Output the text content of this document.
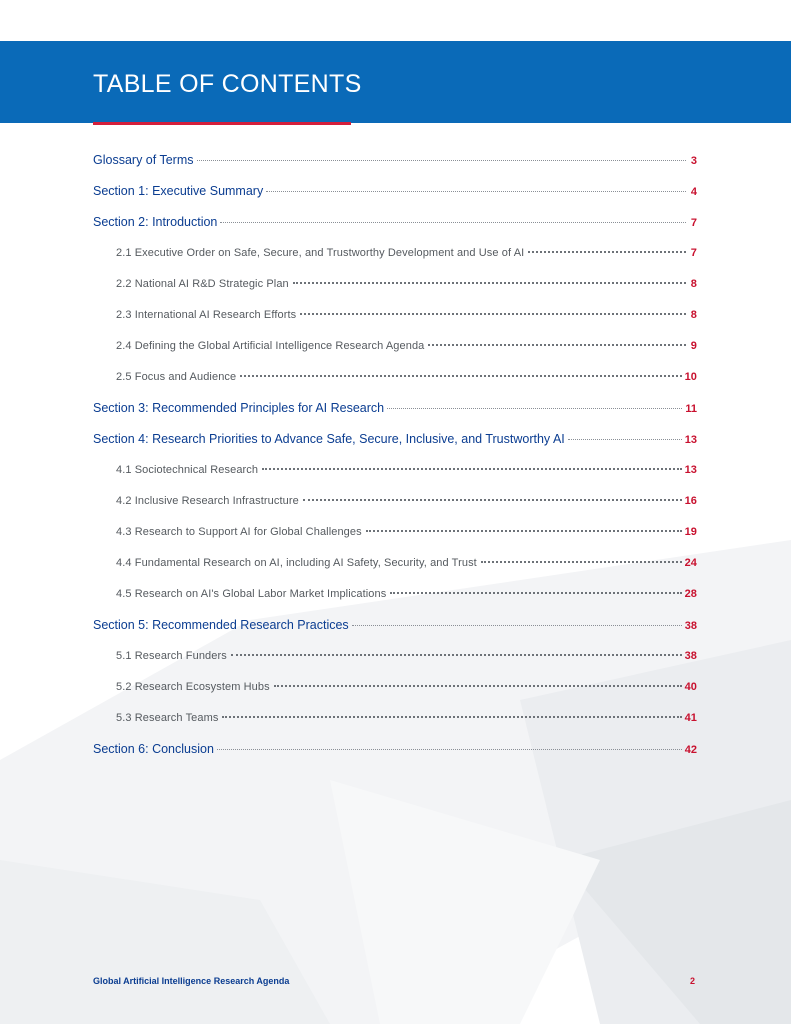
TABLE OF CONTENTS
Glossary of Terms	3
Section 1: Executive Summary	4
Section 2: Introduction	7
2.1 Executive Order on Safe, Secure, and Trustworthy Development and Use of AI	7
2.2 National AI R&D Strategic Plan	8
2.3 International AI Research Efforts	8
2.4 Defining the Global Artificial Intelligence Research Agenda	9
2.5 Focus and Audience	10
Section 3: Recommended Principles for AI Research	11
Section 4: Research Priorities to Advance Safe, Secure, Inclusive, and Trustworthy AI	13
4.1 Sociotechnical Research	13
4.2 Inclusive Research Infrastructure	16
4.3 Research to Support AI for Global Challenges	19
4.4 Fundamental Research on AI, including AI Safety, Security, and Trust	24
4.5 Research on AI's Global Labor Market Implications	28
Section 5: Recommended Research Practices	38
5.1 Research Funders	38
5.2 Research Ecosystem Hubs	40
5.3 Research Teams	41
Section 6: Conclusion	42

Global Artificial Intelligence Research Agenda	2
